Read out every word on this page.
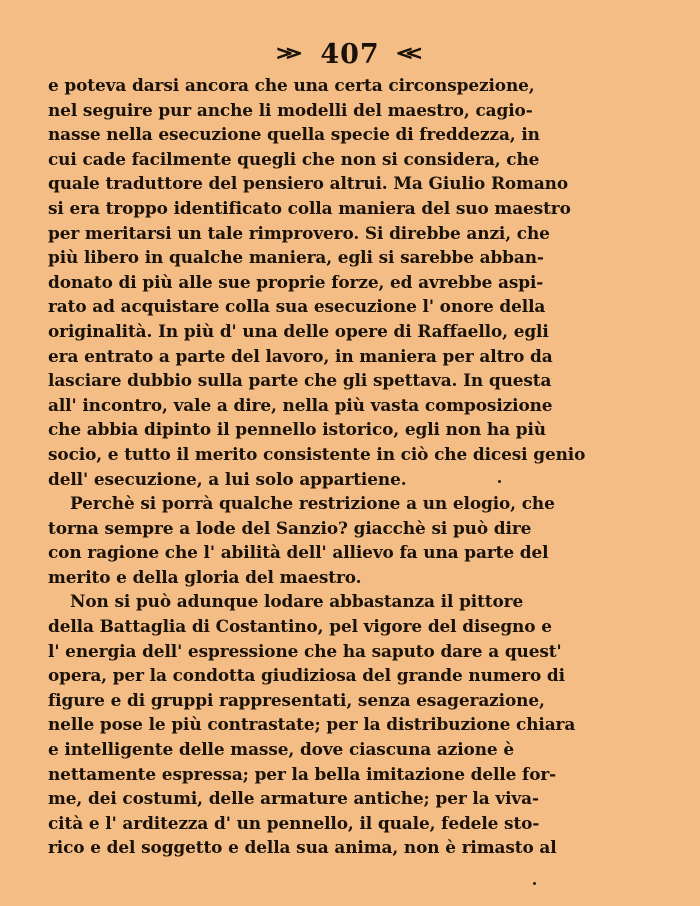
≫ 407 ≪
e poteva darsi ancora che una certa circonspezione,
nel seguire pur anche li modelli del maestro, cagio-
nasse nella esecuzione quella specie di freddezza, in
cui cade facilmente quegli che non si considera, che
quale traduttore del pensiero altrui. Ma Giulio Romano
si era troppo identificato colla maniera del suo maestro
per meritarsi un tale rimprovero. Si direbbe anzi, che
più libero in qualche maniera, egli si sarebbe abban-
donato di più alle sue proprie forze, ed avrebbe aspi-
rato ad acquistare colla sua esecuzione l' onore della
originalità. In più d' una delle opere di Raffaello, egli
era entrato a parte del lavoro, in maniera per altro da
lasciare dubbio sulla parte che gli spettava. In questa
all' incontro, vale a dire, nella più vasta composizione
che abbia dipinto il pennello istorico, egli non ha più
socio, e tutto il merito consistente in ciò che dicesi genio
dell' esecuzione, a lui solo appartiene.
Perchè si porrà qualche restrizione a un elogio, che
torna sempre a lode del Sanzio? giacchè si può dire
con ragione che l' abilità dell' allievo fa una parte del
merito e della gloria del maestro.
Non si può adunque lodare abbastanza il pittore
della Battaglia di Costantino, pel vigore del disegno e
l' energia dell' espressione che ha saputo dare a quest'
opera, per la condotta giudiziosa del grande numero di
figure e di gruppi rappresentati, senza esagerazione,
nelle pose le più contrastate; per la distribuzione chiara
e intelligente delle masse, dove ciascuna azione è
nettamente espressa; per la bella imitazione delle for-
me, dei costumi, delle armature antiche; per la viva-
cità e l' arditezza d' un pennello, il quale, fedele sto-
rico e del soggetto e della sua anima, non è rimasto al
